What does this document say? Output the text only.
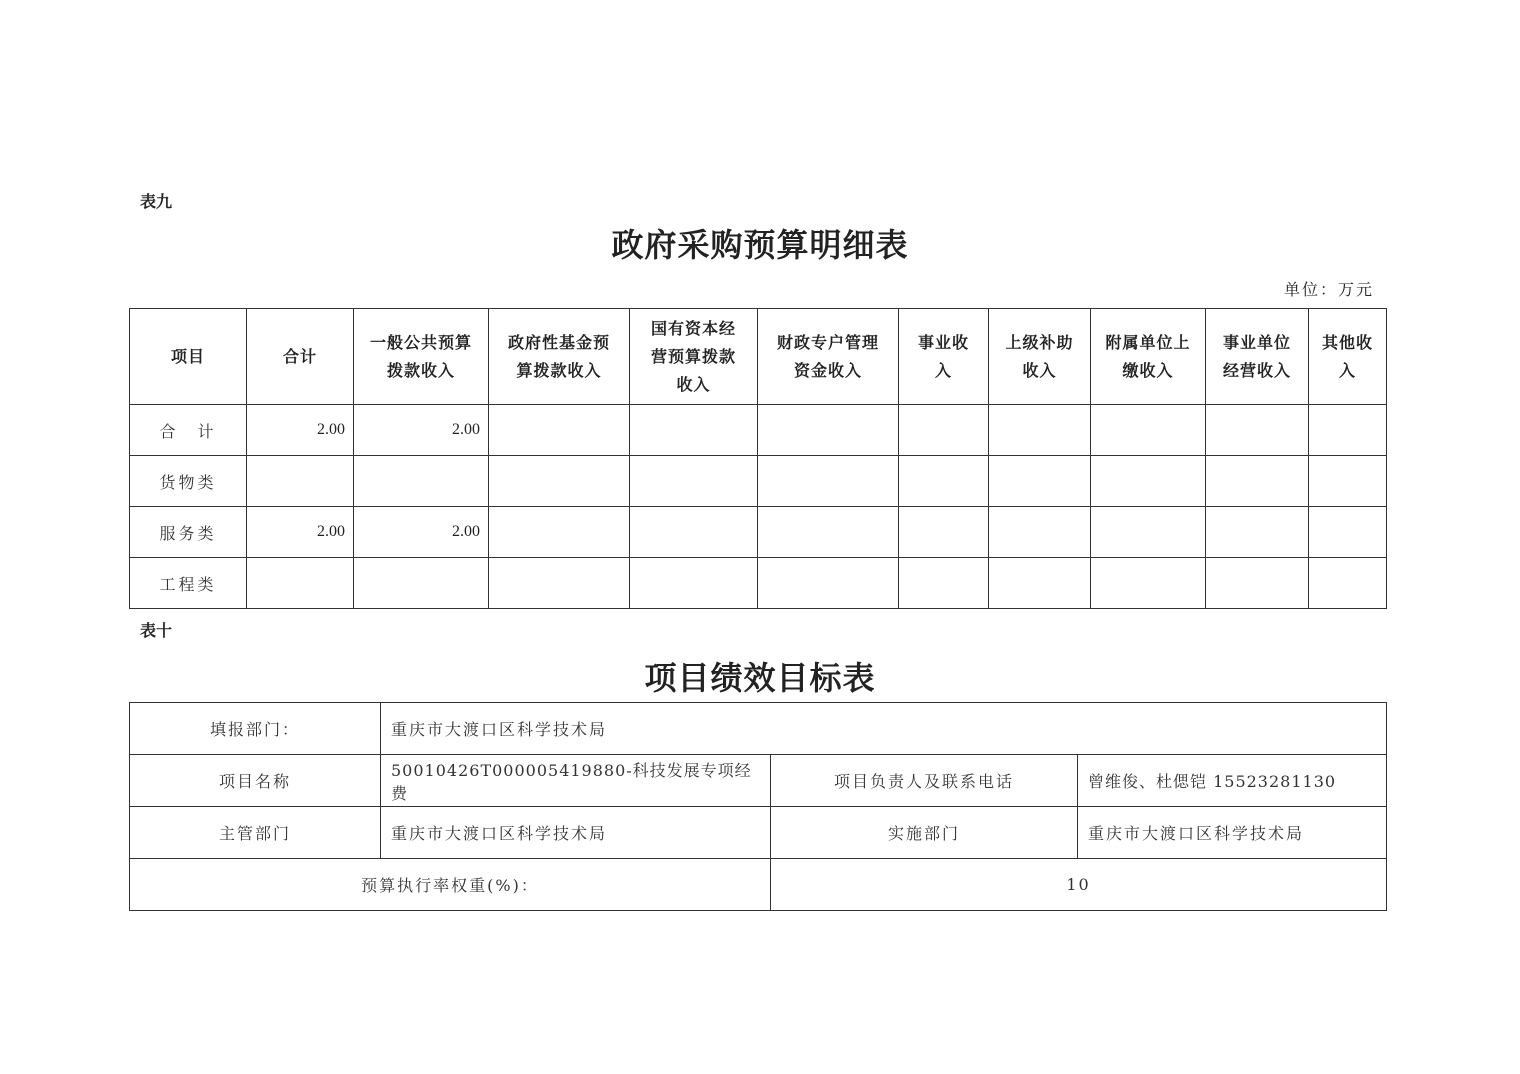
表九
政府采购预算明细表
单位：万元
项目	合计	一般公共预算拨款收入	政府性基金预算拨款收入	国有资本经营预算拨款收入	财政专户管理资金收入	事业收入	上级补助收入	附属单位上缴收入	事业单位经营收入	其他收入
合　计	2.00	2.00								
货物类										
服务类	2.00	2.00								
工程类										
表十
项目绩效目标表
填报部门：	重庆市大渡口区科学技术局		
项目名称	50010426T000005419880-科技发展专项经费	项目负责人及联系电话	曾维俊、杜偲铠 15523281130
主管部门	重庆市大渡口区科学技术局	实施部门	重庆市大渡口区科学技术局
预算执行率权重(%)：		10	
